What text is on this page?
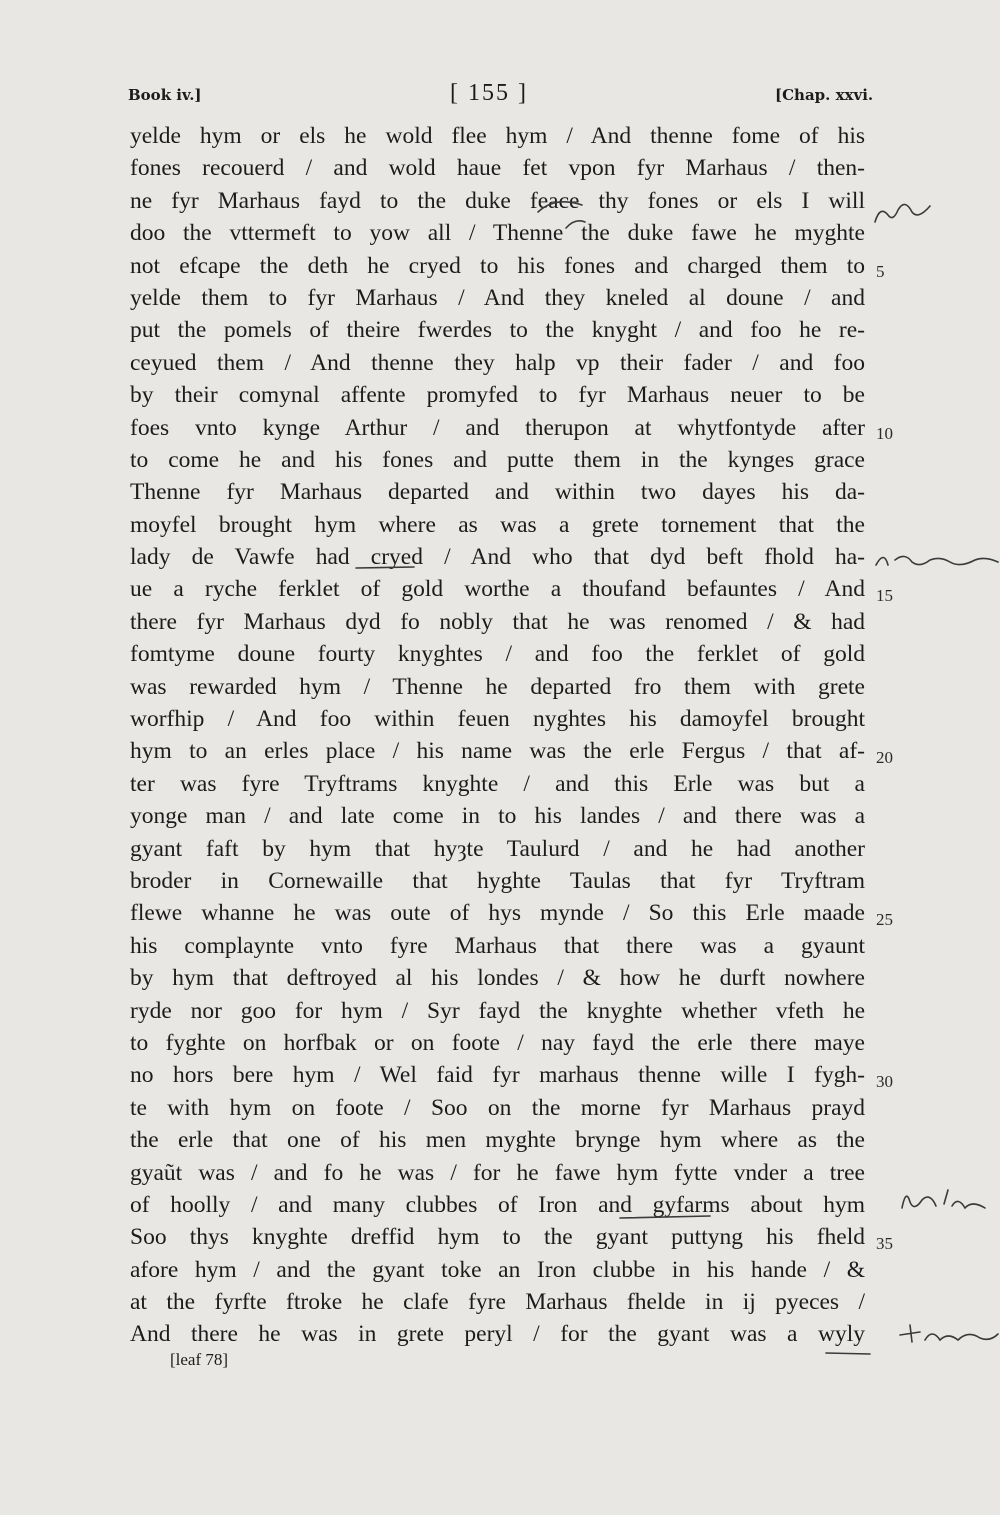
Book iv.]	[ 155 ]	[Chap. xxvi.
yelde hym or els he wold flee hym / And thenne fome of his
fones recouerd / and wold haue fet vpon fyr Marhaus / then-
ne fyr Marhaus fayd to the duke feace thy fones or els I will
doo the vttermeft to yow all / Thenne the duke fawe he myghte
not efcape the deth he cryed to his fones and charged them to
yelde them to fyr Marhaus / And they kneled al doune / and
put the pomels of theire fwerdes to the knyght / and foo he re-
ceyued them / And thenne they halp vp their fader / and foo
by their comynal affente promyfed to fyr Marhaus neuer to be
foes vnto kynge Arthur / and therupon at whytfontyde after
to come he and his fones and putte them in the kynges grace
Thenne fyr Marhaus departed and within two dayes his da-
moyfel brought hym where as was a grete tornement that the
lady de Vawfe had cryed / And who that dyd beft fhold ha-
ue a ryche ferklet of gold worthe a thoufand befauntes / And
there fyr Marhaus dyd fo nobly that he was renomed / & had
fomtyme doune fourty knyghtes / and foo the ferklet of gold
was rewarded hym / Thenne he departed fro them with grete
worfhip / And foo within feuen nyghtes his damoyfel brought
hym to an erles place / his name was the erle Fergus / that af-
ter was fyre Tryftrams knyghte / and this Erle was but a
yonge man / and late come in to his landes / and there was a
gyant faft by hym that hyȝte Taulurd / and he had another
broder in Cornewaille that hyghte Taulas that fyr Tryftram
flewe whanne he was oute of hys mynde / So this Erle maade
his complaynte vnto fyre Marhaus that there was a gyaunt
by hym that deftroyed al his londes / & how he durft nowhere
ryde nor goo for hym / Syr fayd the knyghte whether vfeth he
to fyghte on horfbak or on foote / nay fayd the erle there maye
no hors bere hym / Wel faid fyr marhaus thenne wille I fygh-
te with hym on foote / Soo on the morne fyr Marhaus prayd
the erle that one of his men myghte brynge hym where as the
gyaũt was / and fo he was / for he fawe hym fytte vnder a tree
of hoolly / and many clubbes of Iron and gyfarms about hym
Soo thys knyghte dreffid hym to the gyant puttyng his fheld
afore hym / and the gyant toke an Iron clubbe in his hande / &
at the fyrfte ftroke he clafe fyre Marhaus fhelde in ij pyeces /
And there he was in grete peryl / for the gyant was a wyly
5
10
15
20
25
30
35
[leaf 78]
